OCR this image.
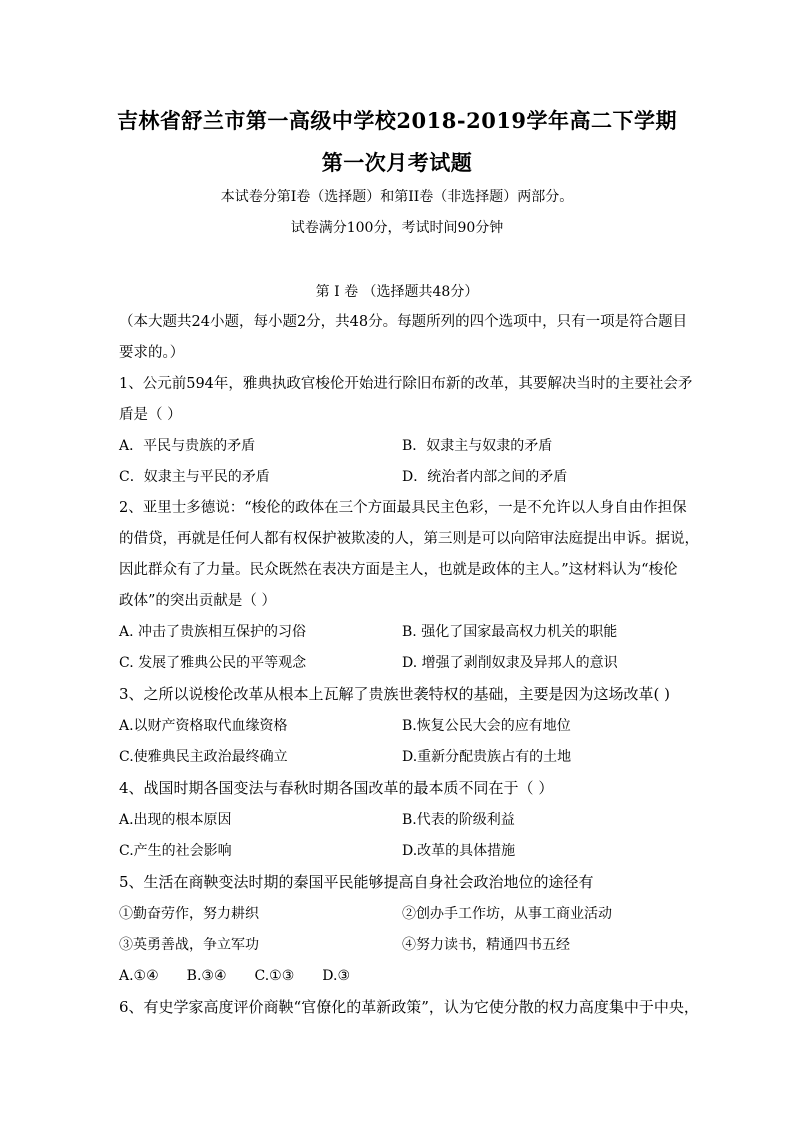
吉林省舒兰市第一高级中学校2018-2019学年高二下学期
第一次月考试题
本试卷分第Ⅰ卷（选择题）和第II卷（非选择题）两部分。
试卷满分100分，考试时间90分钟
第 Ⅰ 卷 （选择题共48分）
（本大题共24小题，每小题2分，共48分。每题所列的四个选项中，只有一项是符合题目
要求的。）
1、公元前594年，雅典执政官梭伦开始进行除旧布新的改革，其要解决当时的主要社会矛
盾是（ ）
A．平民与贵族的矛盾	B．奴隶主与奴隶的矛盾
C．奴隶主与平民的矛盾	D．统治者内部之间的矛盾
2、亚里士多德说：“梭伦的政体在三个方面最具民主色彩，一是不允许以人身自由作担保
的借贷，再就是任何人都有权保护被欺凌的人，第三则是可以向陪审法庭提出申诉。据说，
因此群众有了力量。民众既然在表决方面是主人，也就是政体的主人。”这材料认为“梭伦
政体”的突出贡献是（ ）
A. 冲击了贵族相互保护的习俗	B. 强化了国家最高权力机关的职能
C. 发展了雅典公民的平等观念	D. 增强了剥削奴隶及异邦人的意识
3、之所以说梭伦改革从根本上瓦解了贵族世袭特权的基础，主要是因为这场改革( )
A.以财产资格取代血缘资格	B.恢复公民大会的应有地位
C.使雅典民主政治最终确立	D.重新分配贵族占有的土地
4、战国时期各国变法与春秋时期各国改革的最本质不同在于（ ）
A.出现的根本原因	B.代表的阶级利益
C.产生的社会影响	D.改革的具体措施
5、生活在商鞅变法时期的秦国平民能够提高自身社会政治地位的途径有
①勤奋劳作，努力耕织	②创办手工作坊，从事工商业活动
③英勇善战，争立军功	④努力读书，精通四书五经
A.①④ B.③④ C.①③ D.③
6、有史学家高度评价商鞅“官僚化的革新政策”，认为它使分散的权力高度集中于中央，
